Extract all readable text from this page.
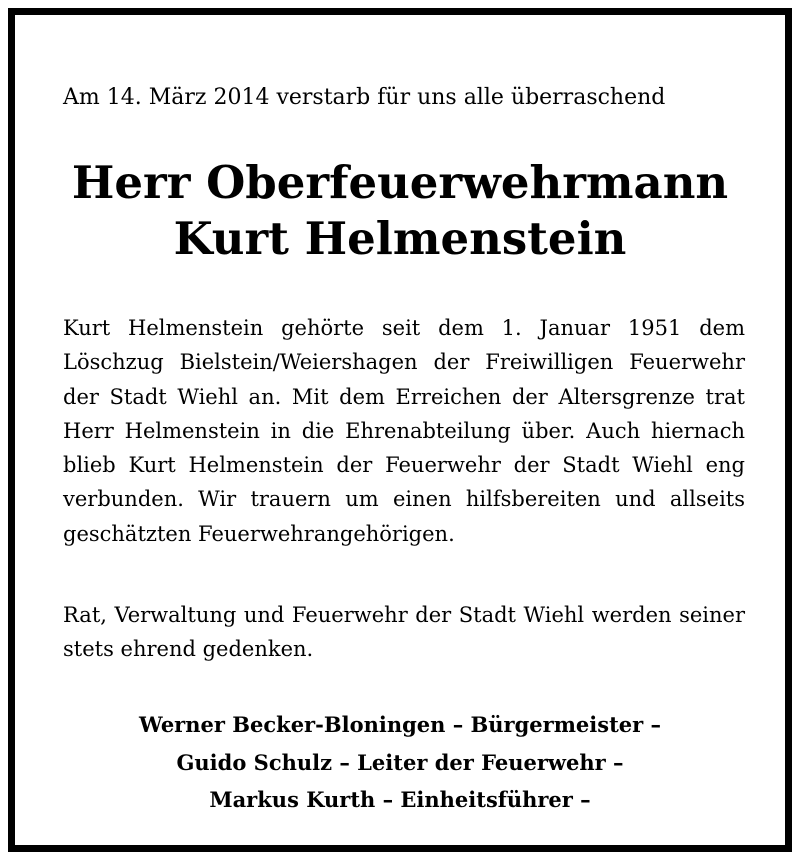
Am 14. März 2014 verstarb für uns alle überraschend

Herr Oberfeuerwehrmann
Kurt Helmenstein

Kurt Helmenstein gehörte seit dem 1. Januar 1951 dem Löschzug Bielstein/Weiershagen der Freiwilligen Feuerwehr der Stadt Wiehl an. Mit dem Erreichen der Altersgrenze trat Herr Helmenstein in die Ehrenabteilung über. Auch hiernach blieb Kurt Helmenstein der Feuerwehr der Stadt Wiehl eng verbunden. Wir trauern um einen hilfsbereiten und allseits geschätzten Feuerwehrangehörigen.

Rat, Verwaltung und Feuerwehr der Stadt Wiehl werden seiner stets ehrend gedenken.

Werner Becker-Bloningen – Bürgermeister –
Guido Schulz – Leiter der Feuerwehr –
Markus Kurth – Einheitsführer –
